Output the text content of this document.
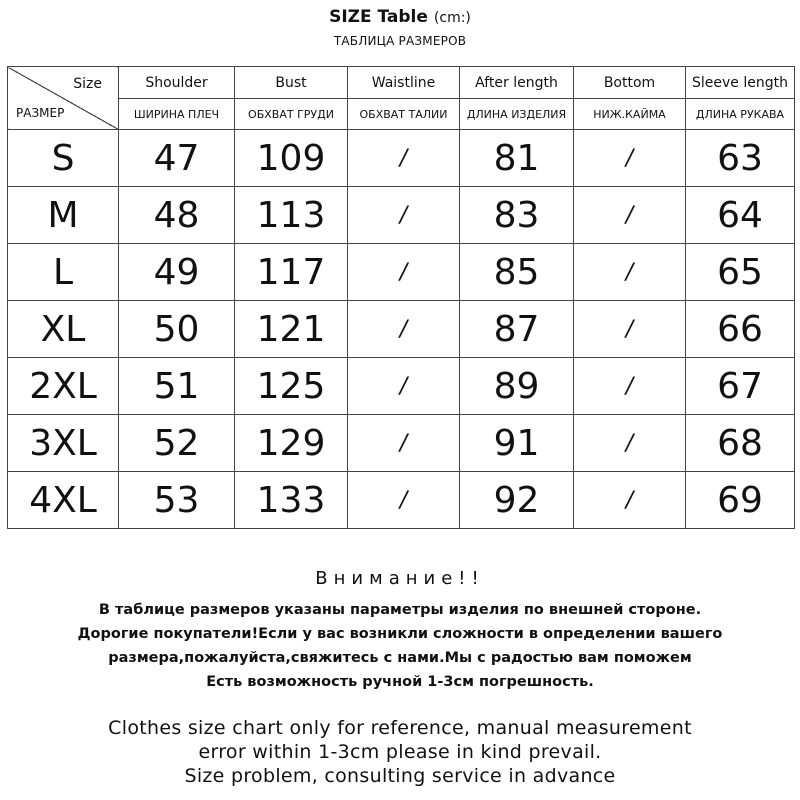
SIZE Table (cm:)
ТАБЛИЦА РАЗМЕРОВ
Size
РАЗМЕР	Shoulder	Bust	Waistline	After length	Bottom	Sleeve length
	ШИРИНА ПЛЕЧ	ОБХВАТ ГРУДИ	ОБХВАТ ТАЛИИ	ДЛИНА ИЗДЕЛИЯ	НИЖ.КАЙМА	ДЛИНА РУКАВА
S	47	109	/	81	/	63
M	48	113	/	83	/	64
L	49	117	/	85	/	65
XL	50	121	/	87	/	66
2XL	51	125	/	89	/	67
3XL	52	129	/	91	/	68
4XL	53	133	/	92	/	69
Внимание!!
В таблице размеров указаны параметры изделия по внешней стороне.
Дорогие покупатели!Если у вас возникли сложности в определении вашего
размера,пожалуйста,свяжитесь с нами.Мы с радостью вам поможем
Есть возможность ручной 1-3см погрешность.
Clothes size chart only for reference, manual measurement
error within 1-3cm please in kind prevail.
Size problem, consulting service in advance
